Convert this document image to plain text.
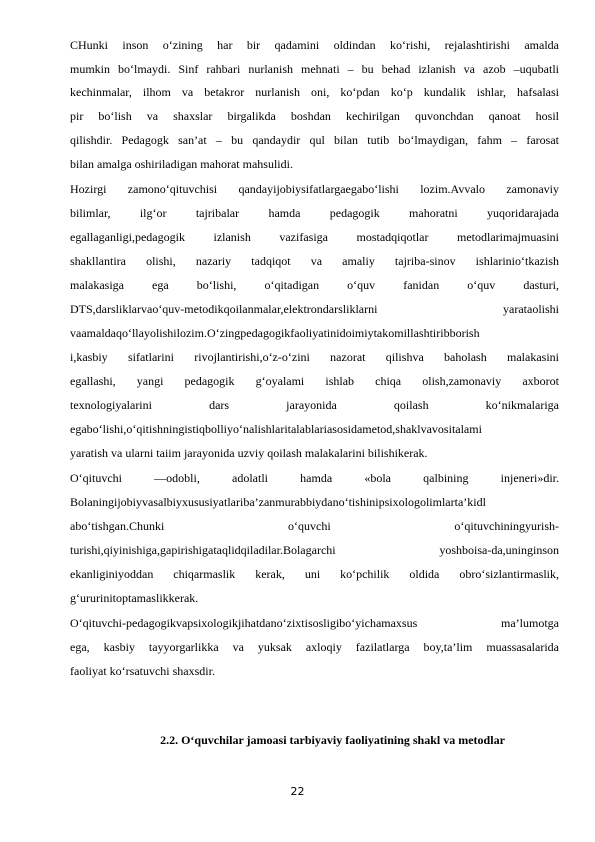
CHunki inson o‘zining har bir qadamini oldindan ko‘rishi, rejalashtirishi amalda
mumkin bo‘lmaydi. Sinf rahbari nurlanish mehnati – bu behad izlanish va azob –uqubatli
kechinmalar, ilhom va betakror nurlanish oni, ko‘pdan ko‘p kundalik ishlar, hafsalasi
pir bo‘lish va shaxslar birgalikda boshdan kechirilgan quvonchdan qanoat hosil
qilishdir. Pedagogk san’at – bu qandaydir qul bilan tutib bo‘lmaydigan, fahm – farosat
bilan amalga oshiriladigan mahorat mahsulidi.
Hozirgi zamono‘qituvchisi qandayijobiysifatlargaegabo‘lishi lozim.Avvalo zamonaviy
bilimlar, ilg‘or tajribalar hamda pedagogik mahoratni yuqoridarajada
egallaganligi,pedagogik izlanish vazifasiga mostadqiqotlar metodlarimajmuasini
shakllantira olishi, nazariy tadqiqot va amaliy tajriba-sinov ishlarinio‘tkazish
malakasiga ega bo‘lishi, o‘qitadigan o‘quv fanidan o‘quv dasturi,
DTS,darsliklarvao‘quv-metodikqoilanmalar,elektrondarsliklarni yarataolishi
vaamaldaqo‘llayolishilozim.O‘zingpedagogikfaoliyatinidoimiytakomillashtiribborish
i,kasbiy sifatlarini rivojlantirishi,o‘z-o‘zini nazorat qilishva baholash malakasini
egallashi, yangi pedagogik g‘oyalami ishlab chiqa olish,zamonaviy axborot
texnologiyalarini dars jarayonida qoilash ko‘nikmalariga
egabo‘lishi,o‘qitishningistiqbolliyo‘nalishlaritalablariasosidametod,shaklvavositalami
yaratish va ularni taiim jarayonida uzviy qoilash malakalarini bilishikerak.
O‘qituvchi —odobli, adolatli hamda «bola qalbining injeneri»dir.
Bolaningijobiyvasalbiyxususiyatlariba’zanmurabbiydano‘tishinipsixologolimlarta’kidl
abo‘tishgan.Chunki o‘quvchi o‘qituvchiningyurish-
turishi,qiyinishiga,gapirishigataqlidqiladilar.Bolagarchi yoshboisa-da,uninginson
ekanliginiyoddan chiqarmaslik kerak, uni ko‘pchilik oldida obro‘sizlantirmaslik,
g‘ururinitoptamaslikkerak.
O‘qituvchi-pedagogikvapsixologikjihatdano‘zixtisosligibo‘yichamaxsus ma’lumotga
ega, kasbiy tayyorgarlikka va yuksak axloqiy fazilatlarga boy,ta’lim muassasalarida
faoliyat ko‘rsatuvchi shaxsdir.
2.2. O‘quvchilar jamoasi tarbiyaviy faoliyatining shakl va metodlar
22
